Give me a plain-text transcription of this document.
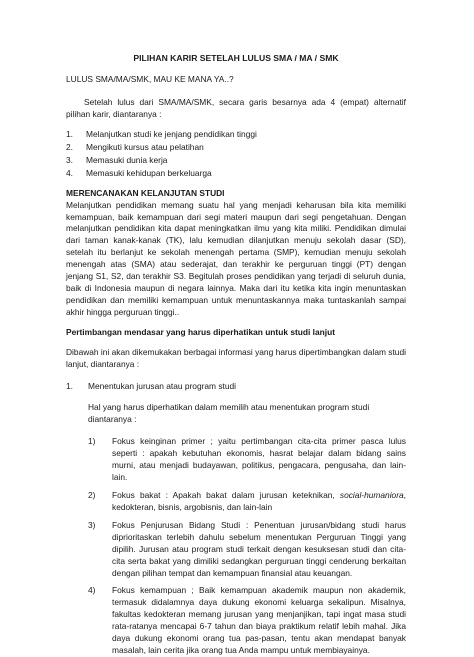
PILIHAN KARIR SETELAH LULUS SMA / MA / SMK
LULUS SMA/MA/SMK, MAU KE MANA YA..?

Setelah lulus dari SMA/MA/SMK, secara garis besarnya ada 4 (empat) alternatif pilihan karir, diantaranya :

1.	Melanjutkan studi ke jenjang pendidikan tinggi
2.	Mengikuti kursus atau pelatihan
3.	Memasuki dunia kerja
4.	Memasuki kehidupan berkeluarga
MERENCANAKAN KELANJUTAN STUDI

Melanjutkan pendidikan memang suatu hal yang menjadi keharusan bila kita memiliki kemampuan, baik kemampuan dari segi materi maupun dari segi pengetahuan. Dengan melanjutkan pendidikan kita dapat meningkatkan ilmu yang kita miliki. Pendidikan dimulai dari taman kanak-kanak (TK), lalu kemudian dilanjutkan menuju sekolah dasar (SD), setelah itu berlanjut ke sekolah menengah pertama (SMP), kemudian menuju sekolah menengah atas (SMA) atau sederajat, dan terakhir ke perguruan tinggi (PT) dengan jenjang S1, S2, dan terakhir S3. Begitulah proses pendidikan yang terjadi di seluruh dunia, baik di Indonesia maupun di negara lainnya. Maka dari itu ketika kita ingin menuntaskan pendidikan dan memiliki kemampuan untuk menuntaskannya maka tuntaskanlah sampai akhir hingga perguruan tinggi..

Pertimbangan mendasar yang harus diperhatikan untuk studi lanjut

Dibawah ini akan dikemukakan berbagai informasi yang harus dipertimbangkan dalam studi lanjut, diantaranya :

1.	Menentukan jurusan atau program studi

Hal yang harus diperhatikan dalam memilih atau menentukan program studi diantaranya :

1)	Fokus keinginan primer ; yaitu pertimbangan cita-cita primer pasca lulus seperti : apakah kebutuhan ekonomis, hasrat belajar dalam bidang sains murni, atau menjadi budayawan, politikus, pengacara, pengusaha, dan lain-lain.
2)	Fokus bakat : Apakah bakat dalam jurusan keteknikan, social-humaniora, kedokteran, bisnis, argobisnis, dan lain-lain
3)	Fokus Penjurusan Bidang Studi : Penentuan jurusan/bidang studi harus diprioritaskan terlebih dahulu sebelum menentukan Perguruan Tinggi yang dipilih. Jurusan atau program studi terkait dengan kesuksesan studi dan cita-cita serta bakat yang dimiliki sedangkan perguruan tinggi cenderung berkaitan dengan pilihan tempat dan kemampuan finansial atau keuangan.
4)	Fokus kemampuan ; Baik kemampuan akademik maupun non akademik, termasuk didalamnya daya dukung ekonomi keluarga sekalipun. Misalnya, fakultas kedokteran memang jurusan yang menjanjikan, tapi ingat masa studi rata-ratanya mencapai 6-7 tahun dan biaya praktikum relatif lebih mahal. Jika daya dukung ekonomi orang tua pas-pasan, tentu akan mendapat banyak masalah, lain cerita jika orang tua Anda mampu untuk membiayainya.
